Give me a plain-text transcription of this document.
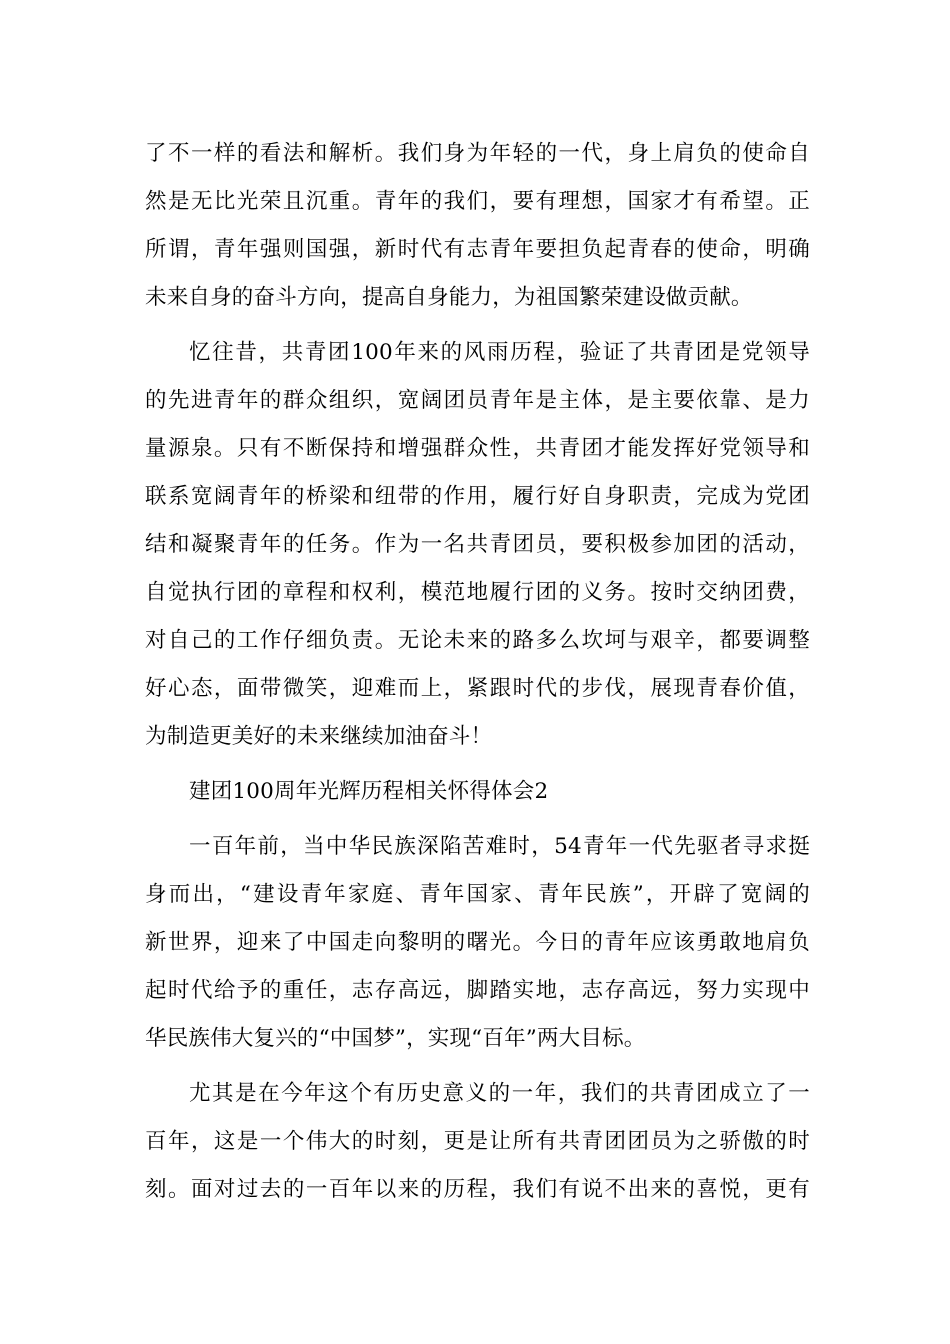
了不一样的看法和解析。我们身为年轻的一代，身上肩负的使命自
然是无比光荣且沉重。青年的我们，要有理想，国家才有希望。正
所谓，青年强则国强，新时代有志青年要担负起青春的使命，明确
未来自身的奋斗方向，提高自身能力，为祖国繁荣建设做贡献。
忆往昔，共青团100年来的风雨历程，验证了共青团是党领导
的先进青年的群众组织，宽阔团员青年是主体，是主要依靠、是力
量源泉。只有不断保持和增强群众性，共青团才能发挥好党领导和
联系宽阔青年的桥梁和纽带的作用，履行好自身职责，完成为党团
结和凝聚青年的任务。作为一名共青团员，要积极参加团的活动，
自觉执行团的章程和权利，模范地履行团的义务。按时交纳团费，
对自己的工作仔细负责。无论未来的路多么坎坷与艰辛，都要调整
好心态，面带微笑，迎难而上，紧跟时代的步伐，展现青春价值，
为制造更美好的未来继续加油奋斗！
建团100周年光辉历程相关怀得体会2
一百年前，当中华民族深陷苦难时，54青年一代先驱者寻求挺
身而出，“建设青年家庭、青年国家、青年民族”，开辟了宽阔的
新世界，迎来了中国走向黎明的曙光。今日的青年应该勇敢地肩负
起时代给予的重任，志存高远，脚踏实地，志存高远，努力实现中
华民族伟大复兴的“中国梦”，实现“百年”两大目标。
尤其是在今年这个有历史意义的一年，我们的共青团成立了一
百年，这是一个伟大的时刻，更是让所有共青团团员为之骄傲的时
刻。面对过去的一百年以来的历程，我们有说不出来的喜悦，更有
